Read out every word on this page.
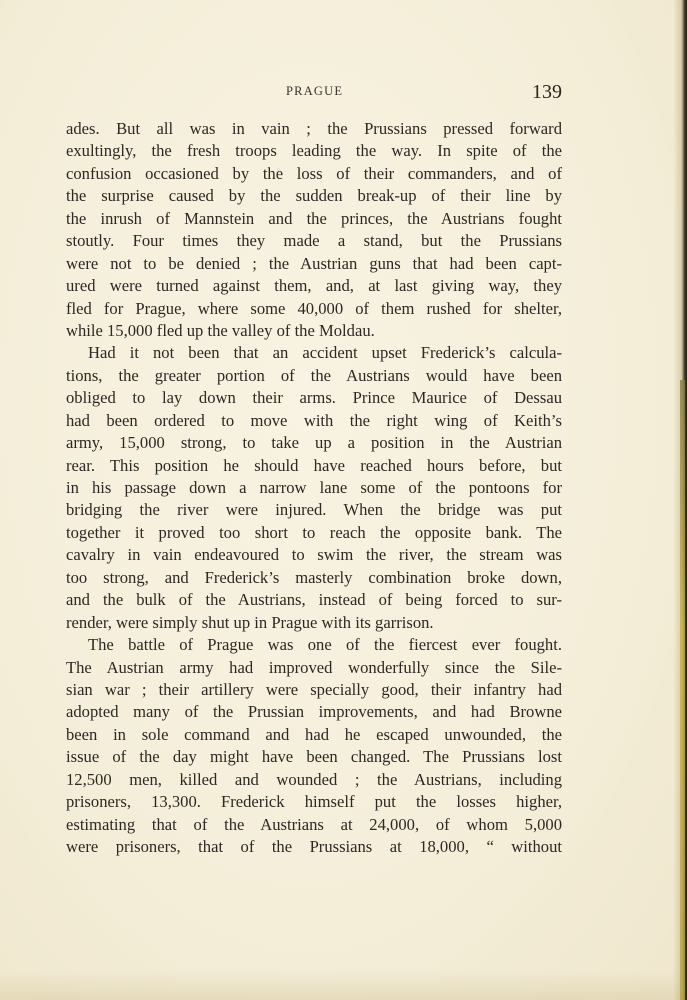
PRAGUE	139
ades. But all was in vain ; the Prussians pressed forward
exultingly, the fresh troops leading the way. In spite of the
confusion occasioned by the loss of their commanders, and of
the surprise caused by the sudden break-up of their line by
the inrush of Mannstein and the princes, the Austrians fought
stoutly. Four times they made a stand, but the Prussians
were not to be denied ; the Austrian guns that had been capt-
ured were turned against them, and, at last giving way, they
fled for Prague, where some 40,000 of them rushed for shelter,
while 15,000 fled up the valley of the Moldau.
Had it not been that an accident upset Frederick’s calcula-
tions, the greater portion of the Austrians would have been
obliged to lay down their arms. Prince Maurice of Dessau
had been ordered to move with the right wing of Keith’s
army, 15,000 strong, to take up a position in the Austrian
rear. This position he should have reached hours before, but
in his passage down a narrow lane some of the pontoons for
bridging the river were injured. When the bridge was put
together it proved too short to reach the opposite bank. The
cavalry in vain endeavoured to swim the river, the stream was
too strong, and Frederick’s masterly combination broke down,
and the bulk of the Austrians, instead of being forced to sur-
render, were simply shut up in Prague with its garrison.
The battle of Prague was one of the fiercest ever fought.
The Austrian army had improved wonderfully since the Sile-
sian war ; their artillery were specially good, their infantry had
adopted many of the Prussian improvements, and had Browne
been in sole command and had he escaped unwounded, the
issue of the day might have been changed. The Prussians lost
12,500 men, killed and wounded ; the Austrians, including
prisoners, 13,300. Frederick himself put the losses higher,
estimating that of the Austrians at 24,000, of whom 5,000
were prisoners, that of the Prussians at 18,000, “ without
